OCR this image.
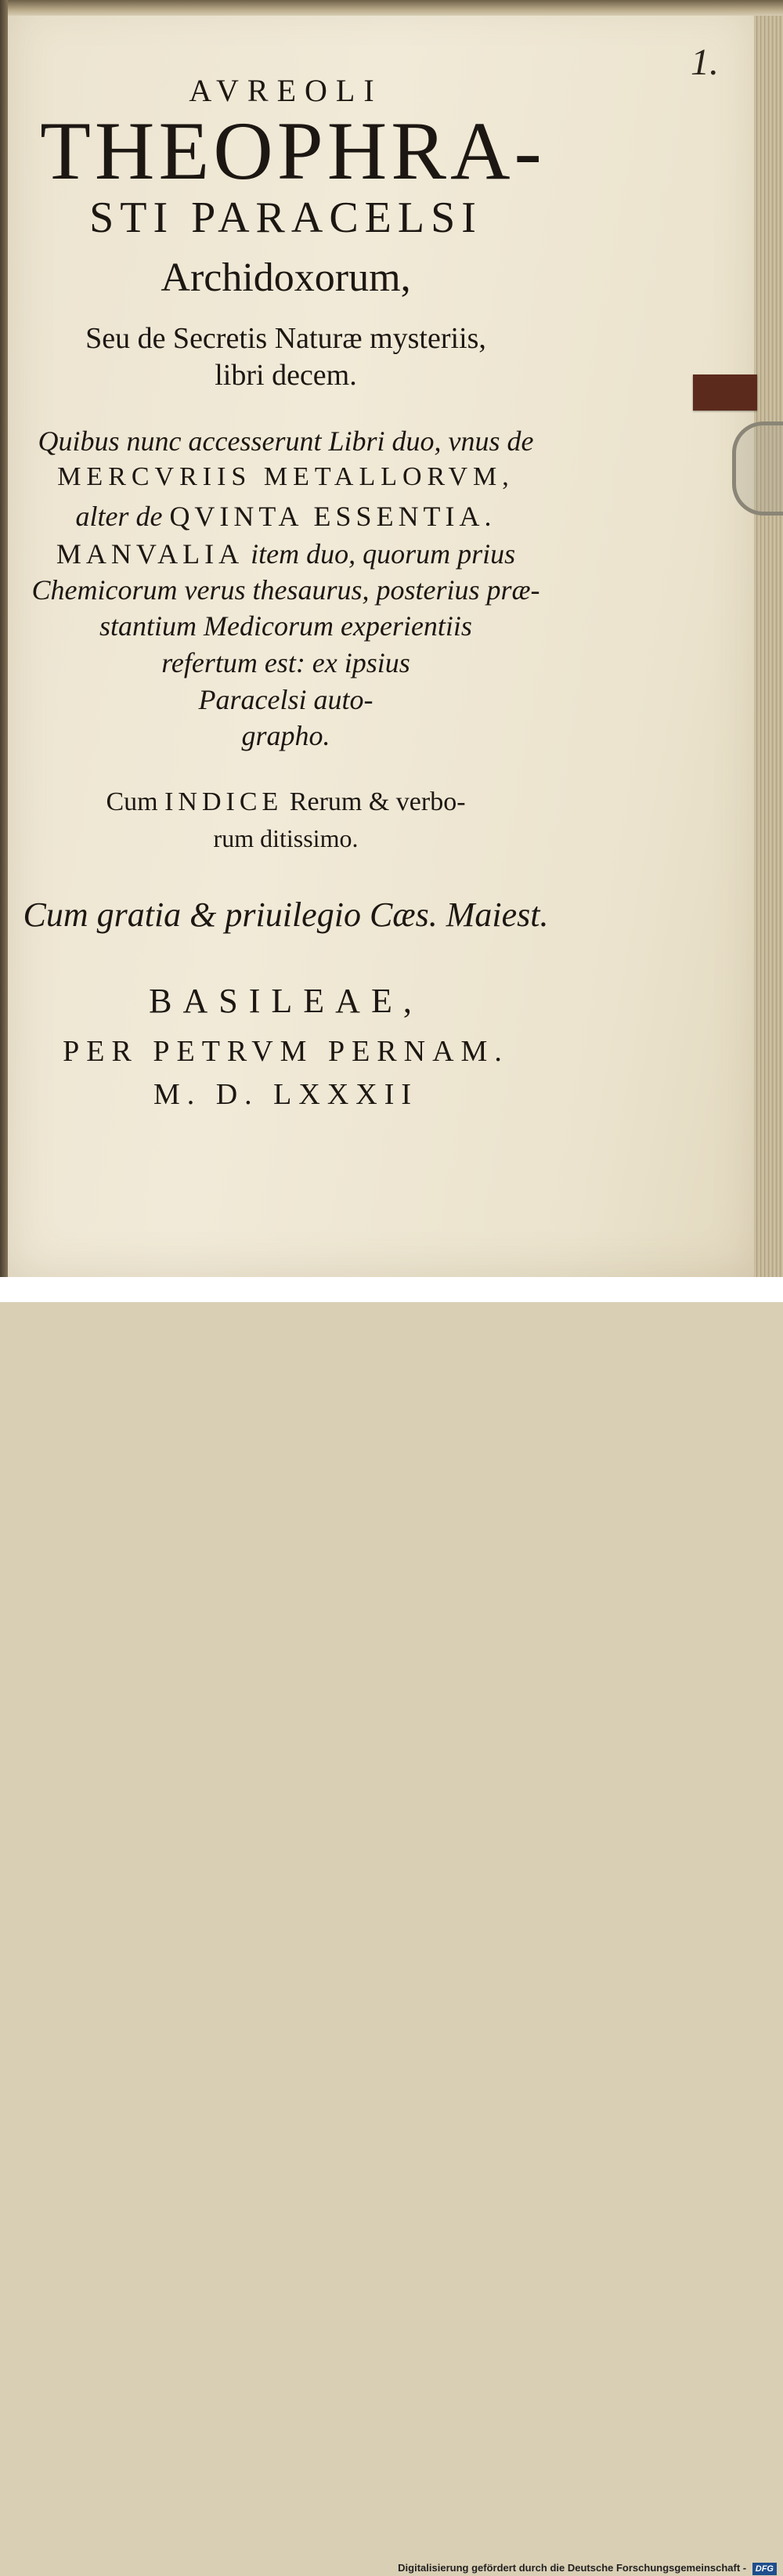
1.
AVREOLI
THEOPHRA-
STI PARACELSI
Archidoxorum,
Seu de Secretis Naturæ mysteriis,
libri decem.
Quibus nunc accesserunt Libri duo, vnus de
MERCVRIIS METALLORVM,
alter de QVINTA ESSENTIA.
MANVALIA item duo, quorum prius
Chemicorum verus thesaurus, posterius præ-
stantium Medicorum experientiis
refertum est: ex ipsius
Paracelsi auto-
grapho.
Cum INDICE Rerum & verbo-
rum ditissimo.
Cum gratia & priuilegio Cæs. Maiest.
BASILEAE,
PER PETRVM PERNAM.
M. D. LXXXII
Digitalisierung gefördert durch die Deutsche Forschungsgemeinschaft - DFG
